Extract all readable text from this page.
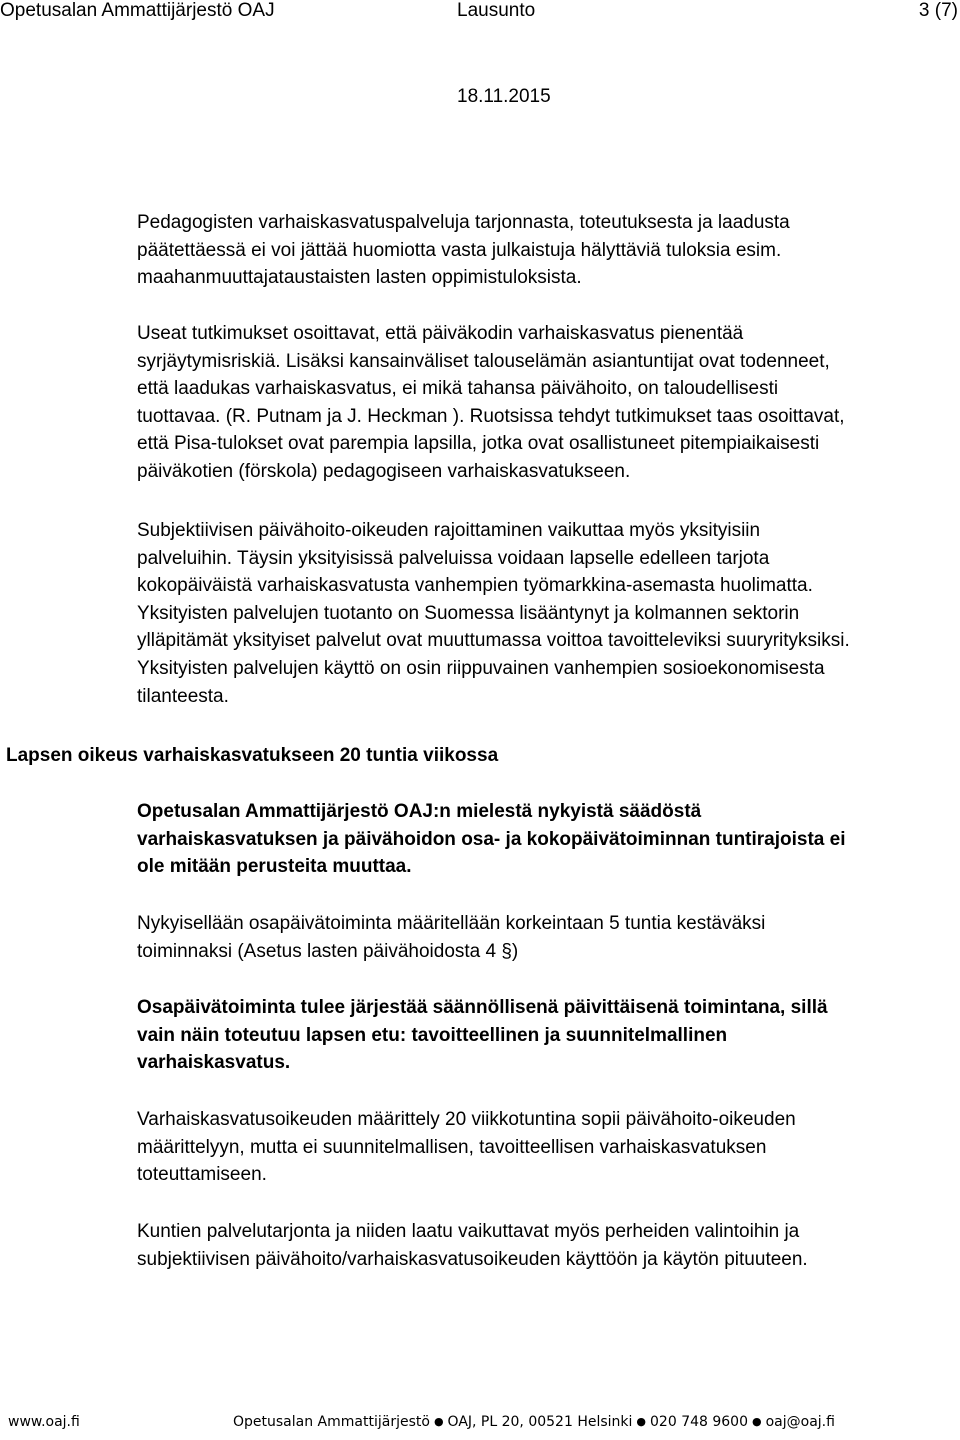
Opetusalan Ammattijärjestö OAJ	Lausunto	3 (7)
18.11.2015
Pedagogisten varhaiskasvatuspalveluja tarjonnasta, toteutuksesta ja laadusta
päätettäessä ei voi jättää huomiotta vasta julkaistuja hälyttäviä tuloksia esim.
maahanmuuttajataustaisten lasten oppimistuloksista.
Useat tutkimukset osoittavat, että päiväkodin varhaiskasvatus pienentää
syrjäytymisriskiä. Lisäksi kansainväliset talouselämän asiantuntijat ovat todenneet,
että laadukas varhaiskasvatus, ei mikä tahansa päivähoito, on taloudellisesti
tuottavaa. (R. Putnam ja J. Heckman ). Ruotsissa tehdyt tutkimukset taas osoittavat,
että Pisa-tulokset ovat parempia lapsilla, jotka ovat osallistuneet pitempiaikaisesti
päiväkotien (förskola) pedagogiseen varhaiskasvatukseen.
Subjektiivisen päivähoito-oikeuden rajoittaminen vaikuttaa myös yksityisiin
palveluihin. Täysin yksityisissä palveluissa voidaan lapselle edelleen tarjota
kokopäiväistä varhaiskasvatusta vanhempien työmarkkina-asemasta huolimatta.
Yksityisten palvelujen tuotanto on Suomessa lisääntynyt ja kolmannen sektorin
ylläpitämät yksityiset palvelut ovat muuttumassa voittoa tavoitteleviksi suuryrityksiksi.
Yksityisten palvelujen käyttö on osin riippuvainen vanhempien sosioekonomisesta
tilanteesta.
Lapsen oikeus varhaiskasvatukseen 20 tuntia viikossa
Opetusalan Ammattijärjestö OAJ:n mielestä nykyistä säädöstä
varhaiskasvatuksen ja päivähoidon osa- ja kokopäivätoiminnan tuntirajoista ei
ole mitään perusteita muuttaa.
Nykyisellään osapäivätoiminta määritellään korkeintaan 5 tuntia kestäväksi
toiminnaksi (Asetus lasten päivähoidosta 4 §)
Osapäivätoiminta tulee järjestää säännöllisenä päivittäisenä toimintana, sillä
vain näin toteutuu lapsen etu: tavoitteellinen ja suunnitelmallinen
varhaiskasvatus.
Varhaiskasvatusoikeuden määrittely 20 viikkotuntina sopii päivähoito-oikeuden
määrittelyyn, mutta ei suunnitelmallisen, tavoitteellisen varhaiskasvatuksen
toteuttamiseen.
Kuntien palvelutarjonta ja niiden laatu vaikuttavat myös perheiden valintoihin ja
subjektiivisen päivähoito/varhaiskasvatusoikeuden käyttöön ja käytön pituuteen.
www.oaj.fi	Opetusalan Ammattijärjestö ● OAJ, PL 20, 00521 Helsinki ● 020 748 9600 ● oaj@oaj.fi
